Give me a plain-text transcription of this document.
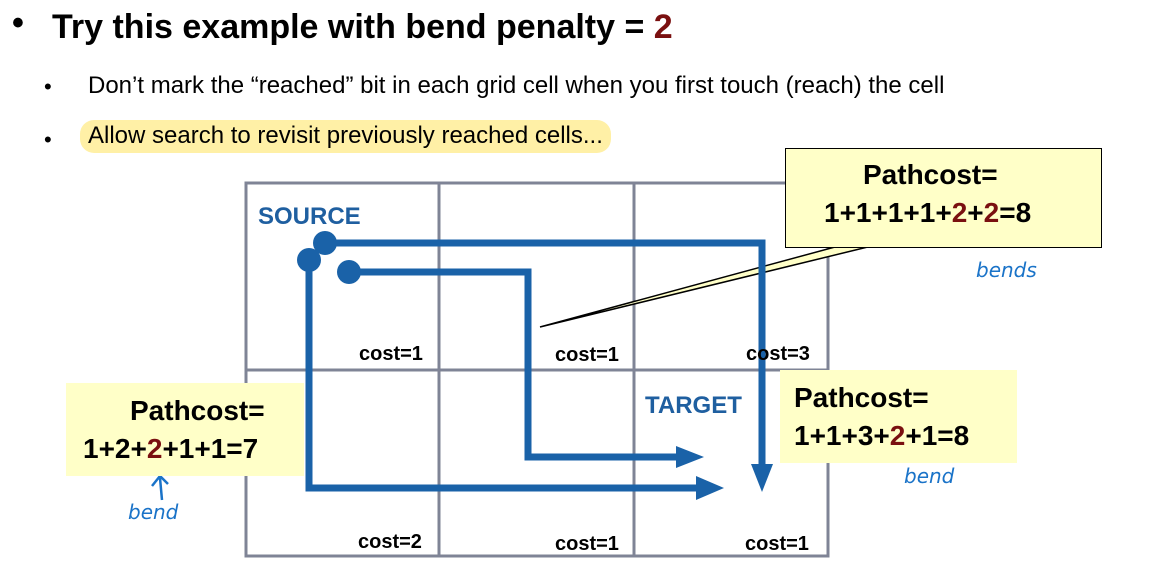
• Try this example with bend penalty = 2
• Don’t mark the “reached” bit in each grid cell when you first touch (reach) the cell
•	Allow search to revisit previously reached cells...
SOURCE
TARGET
cost=1	cost=1	cost=3
cost=2	cost=1	cost=1
Pathcost=
1+1+1+1+2+2=8
bends
Pathcost=
1+2+2+1+1=7
bend
Pathcost=
1+1+3+2+1=8
bend
